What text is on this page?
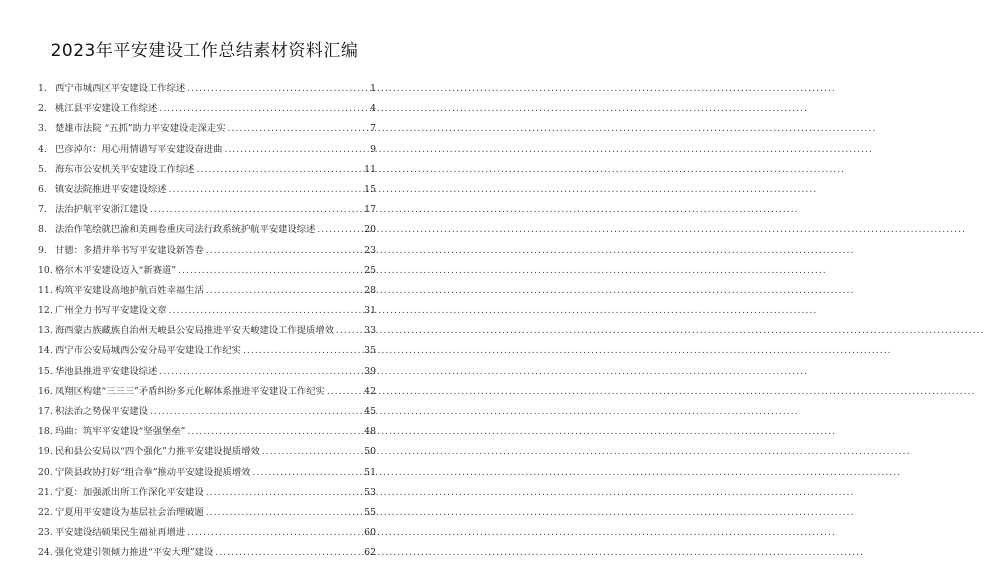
2023年平安建设工作总结素材资料汇编
1. 西宁市城西区平安建设工作综述 .....	1
2. 桃江县平安建设工作综述 .....	4
3. 楚雄市法院 “五抓”助力平安建设走深走实 .....	7
4. 巴彦淖尔：用心用情谱写平安建设奋进曲 .....	9
5. 海东市公安机关平安建设工作综述 .....	11
6. 镇安法院推进平安建设综述 .....	15
7. 法治护航平安浙江建设 .....	17
8. 法治作笔绘就巴渝和美画卷重庆司法行政系统护航平安建设综述 .....	20
9. 甘德：多措并举书写平安建设新答卷 .....	23
10. 格尔木平安建设迈入“新赛道” .....	25
11. 构筑平安建设高地护航百姓幸福生活 .....	28
12. 广州全力书写平安建设文章 .....	31
13. 海西蒙古族藏族自治州天峻县公安局推进平安天峻建设工作提质增效 .....	33
14. 西宁市公安局城西公安分局平安建设工作纪实 .....	35
15. 华池县推进平安建设综述 .....	39
16. 凤翔区构建“三三三”矛盾纠纷多元化解体系推进平安建设工作纪实 .....	42
17. 积法治之势保平安建设 .....	45
18. 玛曲：筑牢平安建设“坚强堡垒” .....	48
19. 民和县公安局以“四个强化”力推平安建设提质增效 .....	50
20. 宁陕县政协打好“组合拳”推动平安建设提质增效 .....	51
21. 宁夏：加强派出所工作深化平安建设 .....	53
22. 宁夏用平安建设为基层社会治理破题 .....	55
23. 平安建设结硕果民生福祉再增进 .....	60
24. 强化党建引领倾力推进“平安大理”建设 .....	62
